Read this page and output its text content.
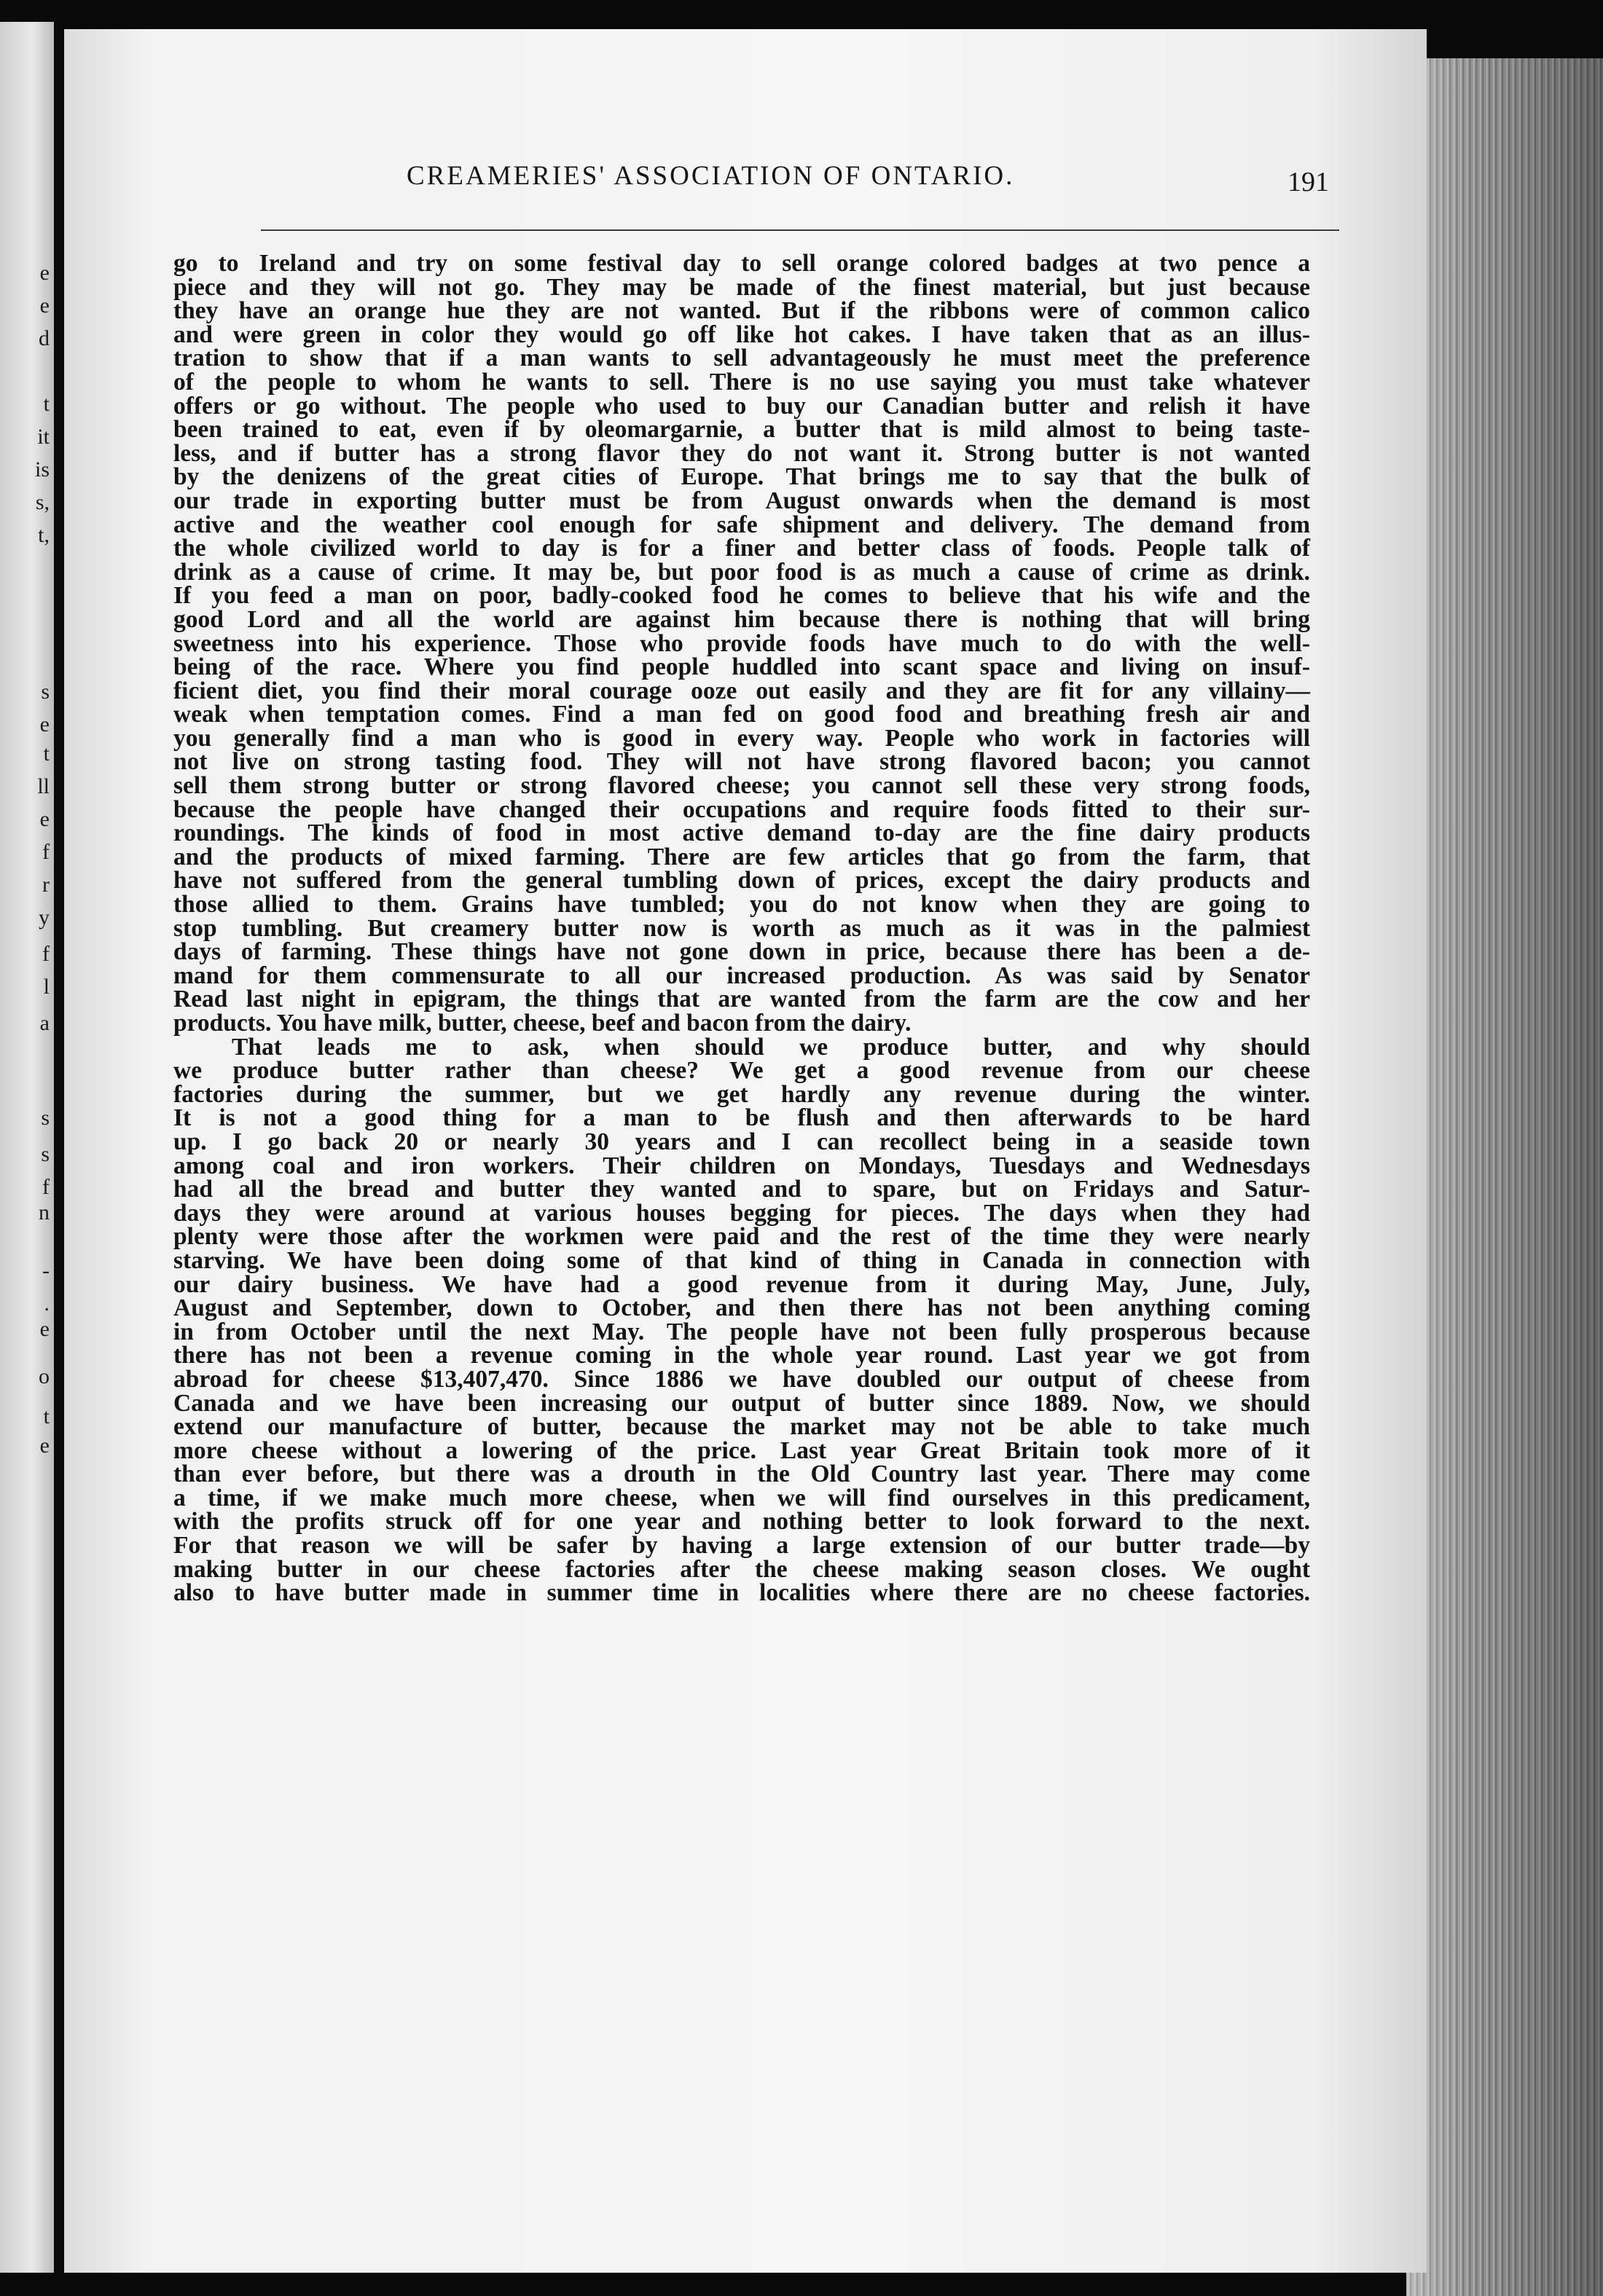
e
e
d
t
it
is
s,
t,
s
e
t
ll
e
f
r
y
f
l
a
s
s
f
n
-
.
e
o
t
e
CREAMERIES' ASSOCIATION OF ONTARIO.	191
go to Ireland and try on some festival day to sell orange colored badges at two pence a
piece and they will not go. They may be made of the finest material, but just because
they have an orange hue they are not wanted. But if the ribbons were of common calico
and were green in color they would go off like hot cakes. I have taken that as an illus-
tration to show that if a man wants to sell advantageously he must meet the preference
of the people to whom he wants to sell. There is no use saying you must take whatever
offers or go without. The people who used to buy our Canadian butter and relish it have
been trained to eat, even if by oleomargarnie, a butter that is mild almost to being taste-
less, and if butter has a strong flavor they do not want it. Strong butter is not wanted
by the denizens of the great cities of Europe. That brings me to say that the bulk of
our trade in exporting butter must be from August onwards when the demand is most
active and the weather cool enough for safe shipment and delivery. The demand from
the whole civilized world to day is for a finer and better class of foods. People talk of
drink as a cause of crime. It may be, but poor food is as much a cause of crime as drink.
If you feed a man on poor, badly-cooked food he comes to believe that his wife and the
good Lord and all the world are against him because there is nothing that will bring
sweetness into his experience. Those who provide foods have much to do with the well-
being of the race. Where you find people huddled into scant space and living on insuf-
ficient diet, you find their moral courage ooze out easily and they are fit for any villainy—
weak when temptation comes. Find a man fed on good food and breathing fresh air and
you generally find a man who is good in every way. People who work in factories will
not live on strong tasting food. They will not have strong flavored bacon; you cannot
sell them strong butter or strong flavored cheese; you cannot sell these very strong foods,
because the people have changed their occupations and require foods fitted to their sur-
roundings. The kinds of food in most active demand to-day are the fine dairy products
and the products of mixed farming. There are few articles that go from the farm, that
have not suffered from the general tumbling down of prices, except the dairy products and
those allied to them. Grains have tumbled; you do not know when they are going to
stop tumbling. But creamery butter now is worth as much as it was in the palmiest
days of farming. These things have not gone down in price, because there has been a de-
mand for them commensurate to all our increased production. As was said by Senator
Read last night in epigram, the things that are wanted from the farm are the cow and her
products. You have milk, butter, cheese, beef and bacon from the dairy.
That leads me to ask, when should we produce butter, and why should
we produce butter rather than cheese? We get a good revenue from our cheese
factories during the summer, but we get hardly any revenue during the winter.
It is not a good thing for a man to be flush and then afterwards to be hard
up. I go back 20 or nearly 30 years and I can recollect being in a seaside town
among coal and iron workers. Their children on Mondays, Tuesdays and Wednesdays
had all the bread and butter they wanted and to spare, but on Fridays and Satur-
days they were around at various houses begging for pieces. The days when they had
plenty were those after the workmen were paid and the rest of the time they were nearly
starving. We have been doing some of that kind of thing in Canada in connection with
our dairy business. We have had a good revenue from it during May, June, July,
August and September, down to October, and then there has not been anything coming
in from October until the next May. The people have not been fully prosperous because
there has not been a revenue coming in the whole year round. Last year we got from
abroad for cheese $13,407,470. Since 1886 we have doubled our output of cheese from
Canada and we have been increasing our output of butter since 1889. Now, we should
extend our manufacture of butter, because the market may not be able to take much
more cheese without a lowering of the price. Last year Great Britain took more of it
than ever before, but there was a drouth in the Old Country last year. There may come
a time, if we make much more cheese, when we will find ourselves in this predicament,
with the profits struck off for one year and nothing better to look forward to the next.
For that reason we will be safer by having a large extension of our butter trade—by
making butter in our cheese factories after the cheese making season closes. We ought
also to have butter made in summer time in localities where there are no cheese factories.
